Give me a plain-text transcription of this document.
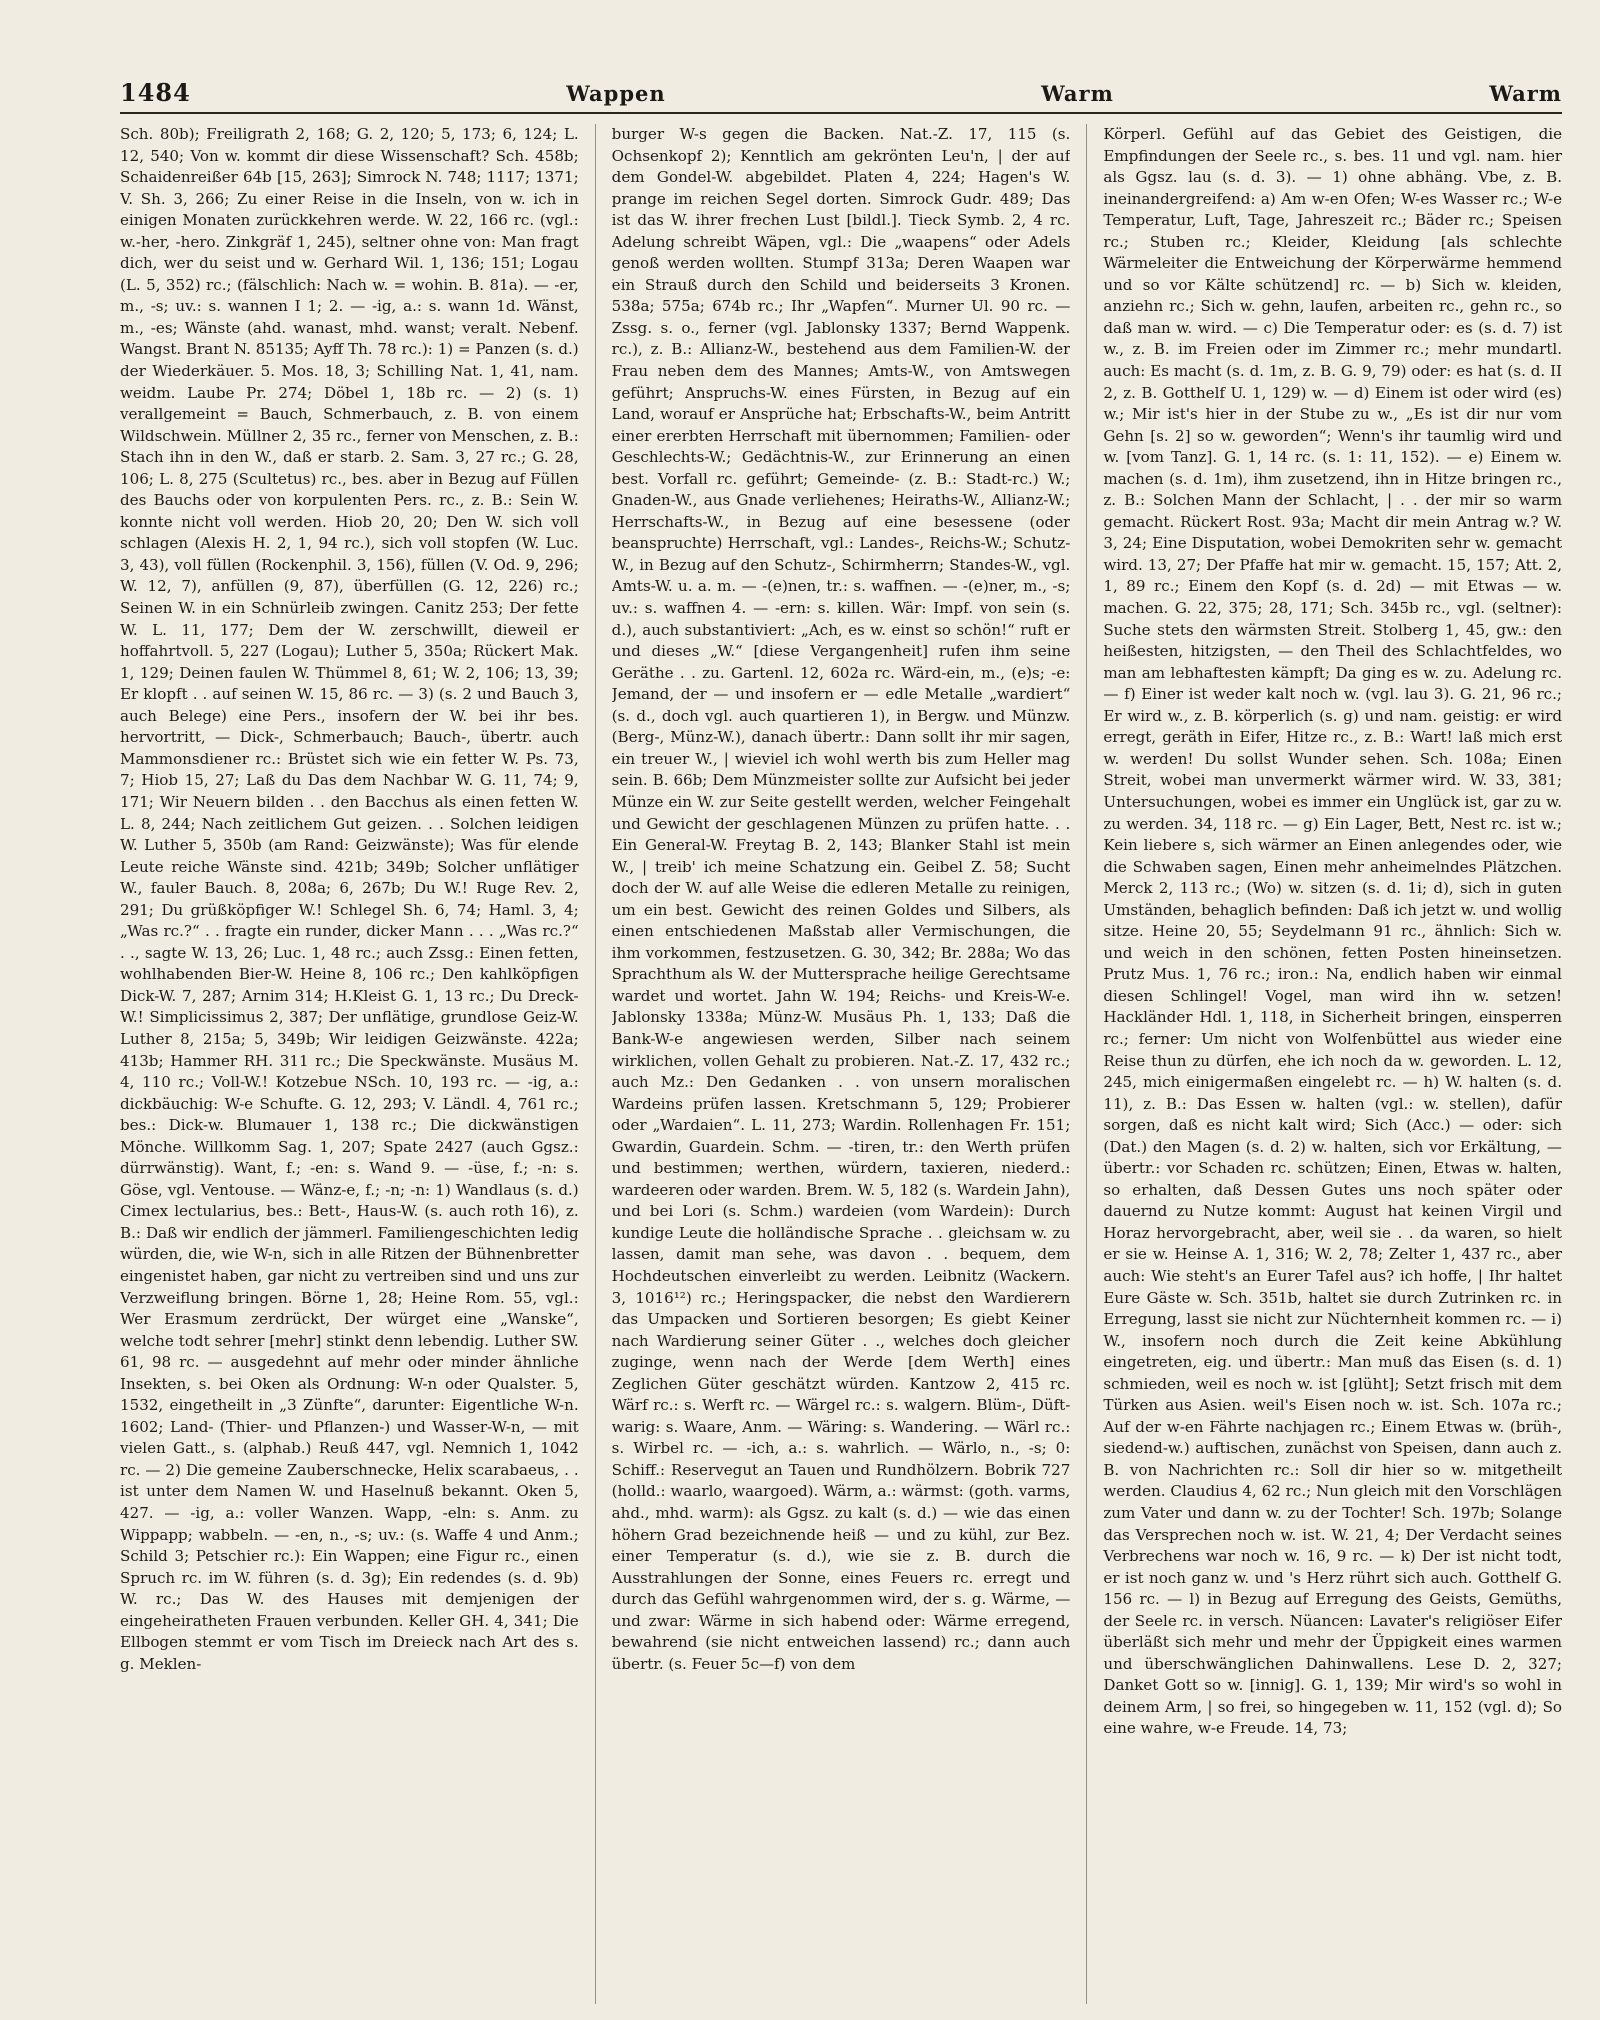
1484	Wappen	Warm	Warm

Sch. 80b); Freiligrath 2, 168; G. 2, 120; 5, 173; 6, 124; L. 12, 540; Von w. kommt dir diese Wissenschaft? Sch. 458b; Schaidenreißer 64b [15, 263]; Simrock N. 748; 1117; 1371; V. Sh. 3, 266; Zu einer Reise in die Inseln, von w. ich in einigen Monaten zurückkehren werde. W. 22, 166 rc. (vgl.: w.-her, -hero. Zinkgräf 1, 245), seltner ohne von: Man fragt dich, wer du seist und w. Gerhard Wil. 1, 136; 151; Logau (L. 5, 352) rc.; (fälschlich: Nach w. = wohin. B. 81a). — -er, m., -s; uv.: s. wannen I 1; 2. — -ig, a.: s. wann 1d. Wänst, m., -es; Wänste (ahd. wanast, mhd. wanst; veralt. Nebenf. Wangst. Brant N. 85135; Ayff Th. 78 rc.): 1) = Panzen (s. d.) der Wiederkäuer. 5. Mos. 18, 3; Schilling Nat. 1, 41, nam. weidm. Laube Pr. 274; Döbel 1, 18b rc. — 2) (s. 1) verallgemeint = Bauch, Schmerbauch, z. B. von einem Wildschwein. Müllner 2, 35 rc., ferner von Menschen, z. B.: Stach ihn in den W., daß er starb. 2. Sam. 3, 27 rc.; G. 28, 106; L. 8, 275 (Scultetus) rc., bes. aber in Bezug auf Füllen des Bauchs oder von korpulenten Pers. rc., z. B.: Sein W. konnte nicht voll werden. Hiob 20, 20; Den W. sich voll schlagen (Alexis H. 2, 1, 94 rc.), sich voll stopfen (W. Luc. 3, 43), voll füllen (Rockenphil. 3, 156), füllen (V. Od. 9, 296; W. 12, 7), anfüllen (9, 87), überfüllen (G. 12, 226) rc.; Seinen W. in ein Schnürleib zwingen. Canitz 253; Der fette W. L. 11, 177; Dem der W. zerschwillt, dieweil er hoffahrtvoll. 5, 227 (Logau); Luther 5, 350a; Rückert Mak. 1, 129; Deinen faulen W. Thümmel 8, 61; W. 2, 106; 13, 39; Er klopft . . auf seinen W. 15, 86 rc. — 3) (s. 2 und Bauch 3, auch Belege) eine Pers., insofern der W. bei ihr bes. hervortritt, — Dick-, Schmerbauch; Bauch-, übertr. auch Mammonsdiener rc.: Brüstet sich wie ein fetter W. Ps. 73, 7; Hiob 15, 27; Laß du Das dem Nachbar W. G. 11, 74; 9, 171; Wir Neuern bilden . . den Bacchus als einen fetten W. L. 8, 244; Nach zeitlichem Gut geizen. . . Solchen leidigen W. Luther 5, 350b (am Rand: Geizwänste); Was für elende Leute reiche Wänste sind. 421b; 349b; Solcher unflätiger W., fauler Bauch. 8, 208a; 6, 267b; Du W.! Ruge Rev. 2, 291; Du grüßköpfiger W.! Schlegel Sh. 6, 74; Haml. 3, 4; „Was rc.?“ . . fragte ein runder, dicker Mann . . . „Was rc.?“ . ., sagte W. 13, 26; Luc. 1, 48 rc.; auch Zssg.: Einen fetten, wohlhabenden Bier-W. Heine 8, 106 rc.; Den kahlköpfigen Dick-W. 7, 287; Arnim 314; H.Kleist G. 1, 13 rc.; Du Dreck-W.! Simplicissimus 2, 387; Der unflätige, grundlose Geiz-W. Luther 8, 215a; 5, 349b; Wir leidigen Geizwänste. 422a; 413b; Hammer RH. 311 rc.; Die Speckwänste. Musäus M. 4, 110 rc.; Voll-W.! Kotzebue NSch. 10, 193 rc. — -ig, a.: dickbäuchig: W-e Schufte. G. 12, 293; V. Ländl. 4, 761 rc.; bes.: Dick-w. Blumauer 1, 138 rc.; Die dickwänstigen Mönche. Willkomm Sag. 1, 207; Spate 2427 (auch Ggsz.: dürrwänstig). Want, f.; -en: s. Wand 9. — -üse, f.; -n: s. Göse, vgl. Ventouse. — Wänz-e, f.; -n; -n: 1) Wandlaus (s. d.) Cimex lectularius, bes.: Bett-, Haus-W. (s. auch roth 16), z. B.: Daß wir endlich der jämmerl. Familiengeschichten ledig würden, die, wie W-n, sich in alle Ritzen der Bühnenbretter eingenistet haben, gar nicht zu vertreiben sind und uns zur Verzweiflung bringen. Börne 1, 28; Heine Rom. 55, vgl.: Wer Erasmum zerdrückt, Der würget eine „Wanske“, welche todt sehrer [mehr] stinkt denn lebendig. Luther SW. 61, 98 rc. — ausgedehnt auf mehr oder minder ähnliche Insekten, s. bei Oken als Ordnung: W-n oder Qualster. 5, 1532, eingetheilt in „3 Zünfte“, darunter: Eigentliche W-n. 1602; Land- (Thier- und Pflanzen-) und Wasser-W-n, — mit vielen Gatt., s. (alphab.) Reuß 447, vgl. Nemnich 1, 1042 rc. — 2) Die gemeine Zauberschnecke, Helix scarabaeus, . . ist unter dem Namen W. und Haselnuß bekannt. Oken 5, 427. — -ig, a.: voller Wanzen. Wapp, -eln: s. Anm. zu Wippapp; wabbeln. — -en, n., -s; uv.: (s. Waffe 4 und Anm.; Schild 3; Petschier rc.): Ein Wappen; eine Figur rc., einen Spruch rc. im W. führen (s. d. 3g); Ein redendes (s. d. 9b) W. rc.; Das W. des Hauses mit demjenigen der eingeheiratheten Frauen verbunden. Keller GH. 4, 341; Die Ellbogen stemmt er vom Tisch im Dreieck nach Art des s. g. Meklen-

burger W-s gegen die Backen. Nat.-Z. 17, 115 (s. Ochsenkopf 2); Kenntlich am gekrönten Leu'n, | der auf dem Gondel-W. abgebildet. Platen 4, 224; Hagen's W. prange im reichen Segel dorten. Simrock Gudr. 489; Das ist das W. ihrer frechen Lust [bildl.]. Tieck Symb. 2, 4 rc. Adelung schreibt Wäpen, vgl.: Die „waapens“ oder Adels genoß werden wollten. Stumpf 313a; Deren Waapen war ein Strauß durch den Schild und beiderseits 3 Kronen. 538a; 575a; 674b rc.; Ihr „Wapfen“. Murner Ul. 90 rc. — Zssg. s. o., ferner (vgl. Jablonsky 1337; Bernd Wappenk. rc.), z. B.: Allianz-W., bestehend aus dem Familien-W. der Frau neben dem des Mannes; Amts-W., von Amtswegen geführt; Anspruchs-W. eines Fürsten, in Bezug auf ein Land, worauf er Ansprüche hat; Erbschafts-W., beim Antritt einer ererbten Herrschaft mit übernommen; Familien- oder Geschlechts-W.; Gedächtnis-W., zur Erinnerung an einen best. Vorfall rc. geführt; Gemeinde- (z. B.: Stadt-rc.) W.; Gnaden-W., aus Gnade verliehenes; Heiraths-W., Allianz-W.; Herrschafts-W., in Bezug auf eine besessene (oder beanspruchte) Herrschaft, vgl.: Landes-, Reichs-W.; Schutz-W., in Bezug auf den Schutz-, Schirmherrn; Standes-W., vgl. Amts-W. u. a. m. — -(e)nen, tr.: s. waffnen. — -(e)ner, m., -s; uv.: s. waffnen 4. — -ern: s. killen. Wär: Impf. von sein (s. d.), auch substantiviert: „Ach, es w. einst so schön!“ ruft er und dieses „W.“ [diese Vergangenheit] rufen ihm seine Geräthe . . zu. Gartenl. 12, 602a rc. Wärd-ein, m., (e)s; -e: Jemand, der — und insofern er — edle Metalle „wardiert“ (s. d., doch vgl. auch quartieren 1), in Bergw. und Münzw. (Berg-, Münz-W.), danach übertr.: Dann sollt ihr mir sagen, ein treuer W., | wieviel ich wohl werth bis zum Heller mag sein. B. 66b; Dem Münzmeister sollte zur Aufsicht bei jeder Münze ein W. zur Seite gestellt werden, welcher Feingehalt und Gewicht der geschlagenen Münzen zu prüfen hatte. . . Ein General-W. Freytag B. 2, 143; Blanker Stahl ist mein W., | treib' ich meine Schatzung ein. Geibel Z. 58; Sucht doch der W. auf alle Weise die edleren Metalle zu reinigen, um ein best. Gewicht des reinen Goldes und Silbers, als einen entschiedenen Maßstab aller Vermischungen, die ihm vorkommen, festzusetzen. G. 30, 342; Br. 288a; Wo das Sprachthum als W. der Muttersprache heilige Gerechtsame wardet und wortet. Jahn W. 194; Reichs- und Kreis-W-e. Jablonsky 1338a; Münz-W. Musäus Ph. 1, 133; Daß die Bank-W-e angewiesen werden, Silber nach seinem wirklichen, vollen Gehalt zu probieren. Nat.-Z. 17, 432 rc.; auch Mz.: Den Gedanken . . von unsern moralischen Wardeins prüfen lassen. Kretschmann 5, 129; Probierer oder „Wardaien“. L. 11, 273; Wardin. Rollenhagen Fr. 151; Gwardin, Guardein. Schm. — -tiren, tr.: den Werth prüfen und bestimmen; werthen, würdern, taxieren, niederd.: wardeeren oder warden. Brem. W. 5, 182 (s. Wardein Jahn), und bei Lori (s. Schm.) wardeien (vom Wardein): Durch kundige Leute die holländische Sprache . . gleichsam w. zu lassen, damit man sehe, was davon . . bequem, dem Hochdeutschen einverleibt zu werden. Leibnitz (Wackern. 3, 1016¹²) rc.; Heringspacker, die nebst den Wardierern das Umpacken und Sortieren besorgen; Es giebt Keiner nach Wardierung seiner Güter . ., welches doch gleicher zuginge, wenn nach der Werde [dem Werth] eines Zeglichen Güter geschätzt würden. Kantzow 2, 415 rc. Wärf rc.: s. Werft rc. — Wärgel rc.: s. walgern. Blüm-, Düft-warig: s. Waare, Anm. — Wäring: s. Wandering. — Wärl rc.: s. Wirbel rc. — -ich, a.: s. wahrlich. — Wärlo, n., -s; 0: Schiff.: Reservegut an Tauen und Rundhölzern. Bobrik 727 (holld.: waarlo, waargoed). Wärm, a.: wärmst: (goth. varms, ahd., mhd. warm): als Ggsz. zu kalt (s. d.) — wie das einen höhern Grad bezeichnende heiß — und zu kühl, zur Bez. einer Temperatur (s. d.), wie sie z. B. durch die Ausstrahlungen der Sonne, eines Feuers rc. erregt und durch das Gefühl wahrgenommen wird, der s. g. Wärme, — und zwar: Wärme in sich habend oder: Wärme erregend, bewahrend (sie nicht entweichen lassend) rc.; dann auch übertr. (s. Feuer 5c—f) von dem

Körperl. Gefühl auf das Gebiet des Geistigen, die Empfindungen der Seele rc., s. bes. 11 und vgl. nam. hier als Ggsz. lau (s. d. 3). — 1) ohne abhäng. Vbe, z. B. ineinandergreifend: a) Am w-en Ofen; W-es Wasser rc.; W-e Temperatur, Luft, Tage, Jahreszeit rc.; Bäder rc.; Speisen rc.; Stuben rc.; Kleider, Kleidung [als schlechte Wärmeleiter die Entweichung der Körperwärme hemmend und so vor Kälte schützend] rc. — b) Sich w. kleiden, anziehn rc.; Sich w. gehn, laufen, arbeiten rc., gehn rc., so daß man w. wird. — c) Die Temperatur oder: es (s. d. 7) ist w., z. B. im Freien oder im Zimmer rc.; mehr mundartl. auch: Es macht (s. d. 1m, z. B. G. 9, 79) oder: es hat (s. d. II 2, z. B. Gotthelf U. 1, 129) w. — d) Einem ist oder wird (es) w.; Mir ist's hier in der Stube zu w., „Es ist dir nur vom Gehn [s. 2] so w. geworden“; Wenn's ihr taumlig wird und w. [vom Tanz]. G. 1, 14 rc. (s. 1: 11, 152). — e) Einem w. machen (s. d. 1m), ihm zusetzend, ihn in Hitze bringen rc., z. B.: Solchen Mann der Schlacht, | . . der mir so warm gemacht. Rückert Rost. 93a; Macht dir mein Antrag w.? W. 3, 24; Eine Disputation, wobei Demokriten sehr w. gemacht wird. 13, 27; Der Pfaffe hat mir w. gemacht. 15, 157; Att. 2, 1, 89 rc.; Einem den Kopf (s. d. 2d) — mit Etwas — w. machen. G. 22, 375; 28, 171; Sch. 345b rc., vgl. (seltner): Suche stets den wärmsten Streit. Stolberg 1, 45, gw.: den heißesten, hitzigsten, — den Theil des Schlachtfeldes, wo man am lebhaftesten kämpft; Da ging es w. zu. Adelung rc. — f) Einer ist weder kalt noch w. (vgl. lau 3). G. 21, 96 rc.; Er wird w., z. B. körperlich (s. g) und nam. geistig: er wird erregt, geräth in Eifer, Hitze rc., z. B.: Wart! laß mich erst w. werden! Du sollst Wunder sehen. Sch. 108a; Einen Streit, wobei man unvermerkt wärmer wird. W. 33, 381; Untersuchungen, wobei es immer ein Unglück ist, gar zu w. zu werden. 34, 118 rc. — g) Ein Lager, Bett, Nest rc. ist w.; Kein liebere s, sich wärmer an Einen anlegendes oder, wie die Schwaben sagen, Einen mehr anheimelndes Plätzchen. Merck 2, 113 rc.; (Wo) w. sitzen (s. d. 1i; d), sich in guten Umständen, behaglich befinden: Daß ich jetzt w. und wollig sitze. Heine 20, 55; Seydelmann 91 rc., ähnlich: Sich w. und weich in den schönen, fetten Posten hineinsetzen. Prutz Mus. 1, 76 rc.; iron.: Na, endlich haben wir einmal diesen Schlingel! Vogel, man wird ihn w. setzen! Hackländer Hdl. 1, 118, in Sicherheit bringen, einsperren rc.; ferner: Um nicht von Wolfenbüttel aus wieder eine Reise thun zu dürfen, ehe ich noch da w. geworden. L. 12, 245, mich einigermaßen eingelebt rc. — h) W. halten (s. d. 11), z. B.: Das Essen w. halten (vgl.: w. stellen), dafür sorgen, daß es nicht kalt wird; Sich (Acc.) — oder: sich (Dat.) den Magen (s. d. 2) w. halten, sich vor Erkältung, — übertr.: vor Schaden rc. schützen; Einen, Etwas w. halten, so erhalten, daß Dessen Gutes uns noch später oder dauernd zu Nutze kommt: August hat keinen Virgil und Horaz hervorgebracht, aber, weil sie . . da waren, so hielt er sie w. Heinse A. 1, 316; W. 2, 78; Zelter 1, 437 rc., aber auch: Wie steht's an Eurer Tafel aus? ich hoffe, | Ihr haltet Eure Gäste w. Sch. 351b, haltet sie durch Zutrinken rc. in Erregung, lasst sie nicht zur Nüchternheit kommen rc. — i) W., insofern noch durch die Zeit keine Abkühlung eingetreten, eig. und übertr.: Man muß das Eisen (s. d. 1) schmieden, weil es noch w. ist [glüht]; Setzt frisch mit dem Türken aus Asien. weil's Eisen noch w. ist. Sch. 107a rc.; Auf der w-en Fährte nachjagen rc.; Einem Etwas w. (brüh-, siedend-w.) auftischen, zunächst von Speisen, dann auch z. B. von Nachrichten rc.: Soll dir hier so w. mitgetheilt werden. Claudius 4, 62 rc.; Nun gleich mit den Vorschlägen zum Vater und dann w. zu der Tochter! Sch. 197b; Solange das Versprechen noch w. ist. W. 21, 4; Der Verdacht seines Verbrechens war noch w. 16, 9 rc. — k) Der ist nicht todt, er ist noch ganz w. und 's Herz rührt sich auch. Gotthelf G. 156 rc. — l) in Bezug auf Erregung des Geists, Gemüths, der Seele rc. in versch. Nüancen: Lavater's religiöser Eifer überläßt sich mehr und mehr der Üppigkeit eines warmen und überschwänglichen Dahinwallens. Lese D. 2, 327; Danket Gott so w. [innig]. G. 1, 139; Mir wird's so wohl in deinem Arm, | so frei, so hingegeben w. 11, 152 (vgl. d); So eine wahre, w-e Freude. 14, 73;
